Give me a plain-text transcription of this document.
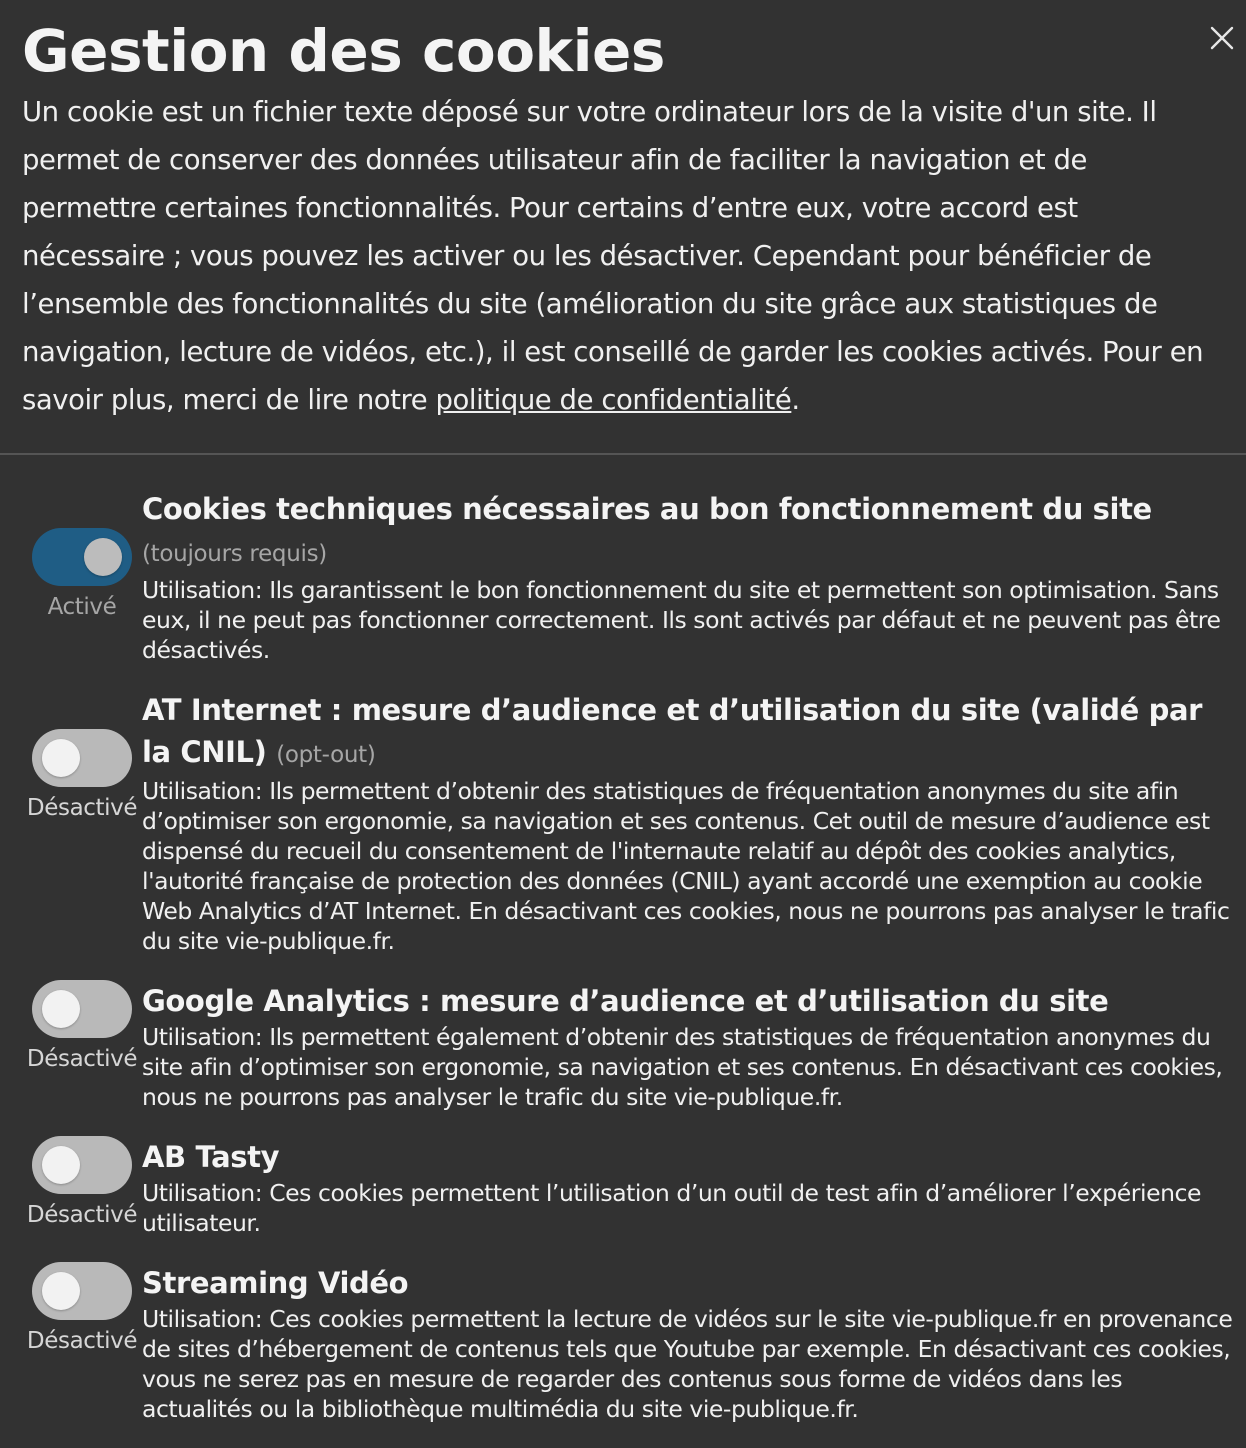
Gestion des cookies

Un cookie est un fichier texte déposé sur votre ordinateur lors de la visite d'un site. Il permet de conserver des données utilisateur afin de faciliter la navigation et de permettre certaines fonctionnalités. Pour certains d’entre eux, votre accord est nécessaire ; vous pouvez les activer ou les désactiver. Cependant pour bénéficier de l’ensemble des fonctionnalités du site (amélioration du site grâce aux statistiques de navigation, lecture de vidéos, etc.), il est conseillé de garder les cookies activés. Pour en savoir plus, merci de lire notre politique de confidentialité.

Activé
Cookies techniques nécessaires au bon fonctionnement du site (toujours requis)

Utilisation: Ils garantissent le bon fonctionnement du site et permettent son optimisation. Sans eux, il ne peut pas fonctionner correctement. Ils sont activés par défaut et ne peuvent pas être désactivés.

Désactivé
AT Internet : mesure d’audience et d’utilisation du site (validé par la CNIL) (opt-out)

Utilisation: Ils permettent d’obtenir des statistiques de fréquentation anonymes du site afin d’optimiser son ergonomie, sa navigation et ses contenus. Cet outil de mesure d’audience est dispensé du recueil du consentement de l'internaute relatif au dépôt des cookies analytics, l'autorité française de protection des données (CNIL) ayant accordé une exemption au cookie Web Analytics d’AT Internet. En désactivant ces cookies, nous ne pourrons pas analyser le trafic du site vie-publique.fr.

Désactivé
Google Analytics : mesure d’audience et d’utilisation du site

Utilisation: Ils permettent également d’obtenir des statistiques de fréquentation anonymes du site afin d’optimiser son ergonomie, sa navigation et ses contenus. En désactivant ces cookies, nous ne pourrons pas analyser le trafic du site vie-publique.fr.

Désactivé
AB Tasty

Utilisation: Ces cookies permettent l’utilisation d’un outil de test afin d’améliorer l’expérience utilisateur.

Désactivé
Streaming Vidéo

Utilisation: Ces cookies permettent la lecture de vidéos sur le site vie-publique.fr en provenance de sites d’hébergement de contenus tels que Youtube par exemple. En désactivant ces cookies, vous ne serez pas en mesure de regarder des contenus sous forme de vidéos dans les actualités ou la bibliothèque multimédia du site vie-publique.fr.
